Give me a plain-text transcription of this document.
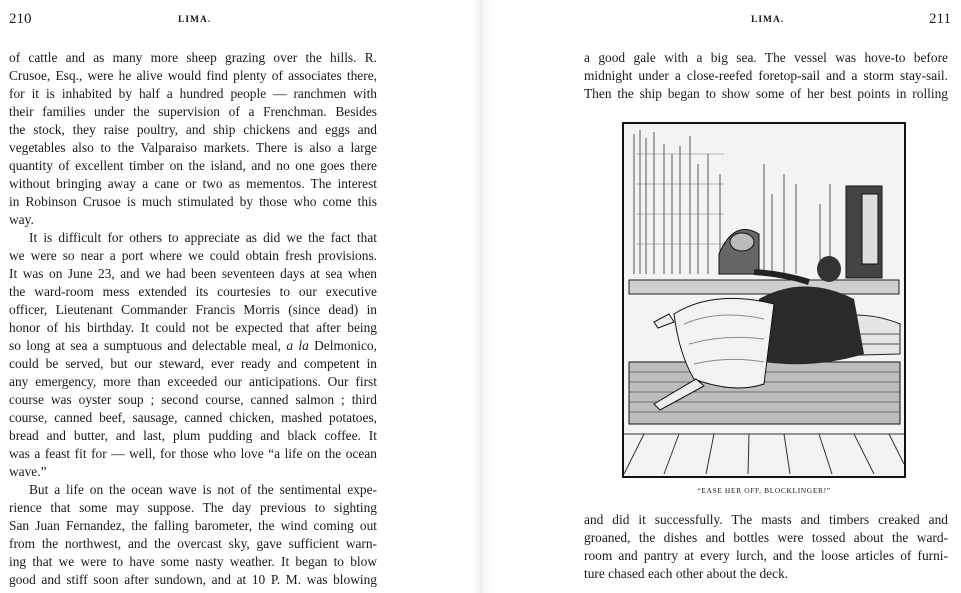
210	LIMA.
of cattle and as many more sheep grazing over the hills. R.
Crusoe, Esq., were he alive would find plenty of associates there,
for it is inhabited by half a hundred people — ranchmen with
their families under the supervision of a Frenchman. Besides
the stock, they raise poultry, and ship chickens and eggs and
vegetables also to the Valparaiso markets. There is also a large
quantity of excellent timber on the island, and no one goes there
without bringing away a cane or two as mementos. The interest
in Robinson Crusoe is much stimulated by those who come this
way.
It is difficult for others to appreciate as did we the fact that
we were so near a port where we could obtain fresh provisions.
It was on June 23, and we had been seventeen days at sea when
the ward-room mess extended its courtesies to our executive
officer, Lieutenant Commander Francis Morris (since dead) in
honor of his birthday. It could not be expected that after being
so long at sea a sumptuous and delectable meal, a la Delmonico,
could be served, but our steward, ever ready and competent in
any emergency, more than exceeded our anticipations. Our first
course was oyster soup ; second course, canned salmon ; third
course, canned beef, sausage, canned chicken, mashed potatoes,
bread and butter, and last, plum pudding and black coffee. It
was a feast fit for — well, for those who love “a life on the ocean
wave.”
But a life on the ocean wave is not of the sentimental expe-
rience that some may suppose. The day previous to sighting
San Juan Fernandez, the falling barometer, the wind coming out
from the northwest, and the overcast sky, gave sufficient warn-
ing that we were to have some nasty weather. It began to blow
good and stiff soon after sundown, and at 10 P. M. was blowing
LIMA.	211
a good gale with a big sea. The vessel was hove-to before
midnight under a close-reefed foretop-sail and a storm stay-sail.
Then the ship began to show some of her best points in rolling
“EASE HER OFF, BLOCKLINGER!”
and did it successfully. The masts and timbers creaked and
groaned, the dishes and bottles were tossed about the ward-
room and pantry at every lurch, and the loose articles of furni-
ture chased each other about the deck.
